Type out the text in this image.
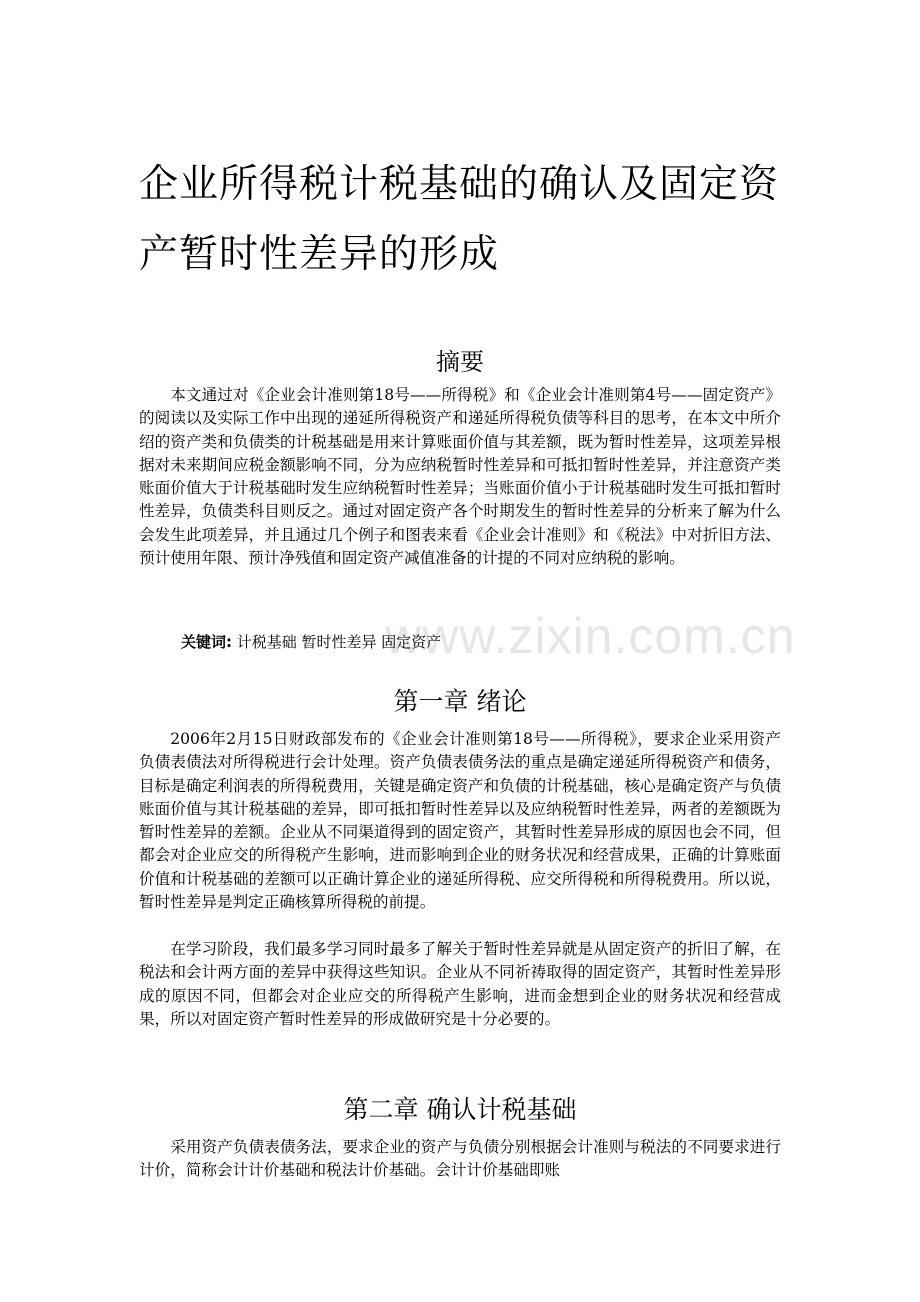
www.zixin.com.cn
企业所得税计税基础的确认及固定资产暂时性差异的形成
摘要

本文通过对《企业会计准则第18号——所得税》和《企业会计准则第4号——固定资产》的阅读以及实际工作中出现的递延所得税资产和递延所得税负债等科目的思考，在本文中所介绍的资产类和负债类的计税基础是用来计算账面价值与其差额，既为暂时性差异，这项差异根据对未来期间应税金额影响不同，分为应纳税暂时性差异和可抵扣暂时性差异，并注意资产类账面价值大于计税基础时发生应纳税暂时性差异；当账面价值小于计税基础时发生可抵扣暂时性差异，负债类科目则反之。通过对固定资产各个时期发生的暂时性差异的分析来了解为什么会发生此项差异，并且通过几个例子和图表来看《企业会计准则》和《税法》中对折旧方法、预计使用年限、预计净残值和固定资产减值准备的计提的不同对应纳税的影响。

关键词: 计税基础 暂时性差异 固定资产

第一章 绪论

2006年2月15日财政部发布的《企业会计准则第18号——所得税》，要求企业采用资产负债表债法对所得税进行会计处理。资产负债表债务法的重点是确定递延所得税资产和债务，目标是确定利润表的所得税费用，关键是确定资产和负债的计税基础，核心是确定资产与负债账面价值与其计税基础的差异，即可抵扣暂时性差异以及应纳税暂时性差异，两者的差额既为暂时性差异的差额。企业从不同渠道得到的固定资产，其暂时性差异形成的原因也会不同，但都会对企业应交的所得税产生影响，进而影响到企业的财务状况和经营成果，正确的计算账面价值和计税基础的差额可以正确计算企业的递延所得税、应交所得税和所得税费用。所以说，暂时性差异是判定正确核算所得税的前提。

在学习阶段，我们最多学习同时最多了解关于暂时性差异就是从固定资产的折旧了解，在税法和会计两方面的差异中获得这些知识。企业从不同祈祷取得的固定资产，其暂时性差异形成的原因不同，但都会对企业应交的所得税产生影响，进而金想到企业的财务状况和经营成果，所以对固定资产暂时性差异的形成做研究是十分必要的。

第二章 确认计税基础

采用资产负债表债务法，要求企业的资产与负债分别根据会计准则与税法的不同要求进行计价，简称会计计价基础和税法计价基础。会计计价基础即账
